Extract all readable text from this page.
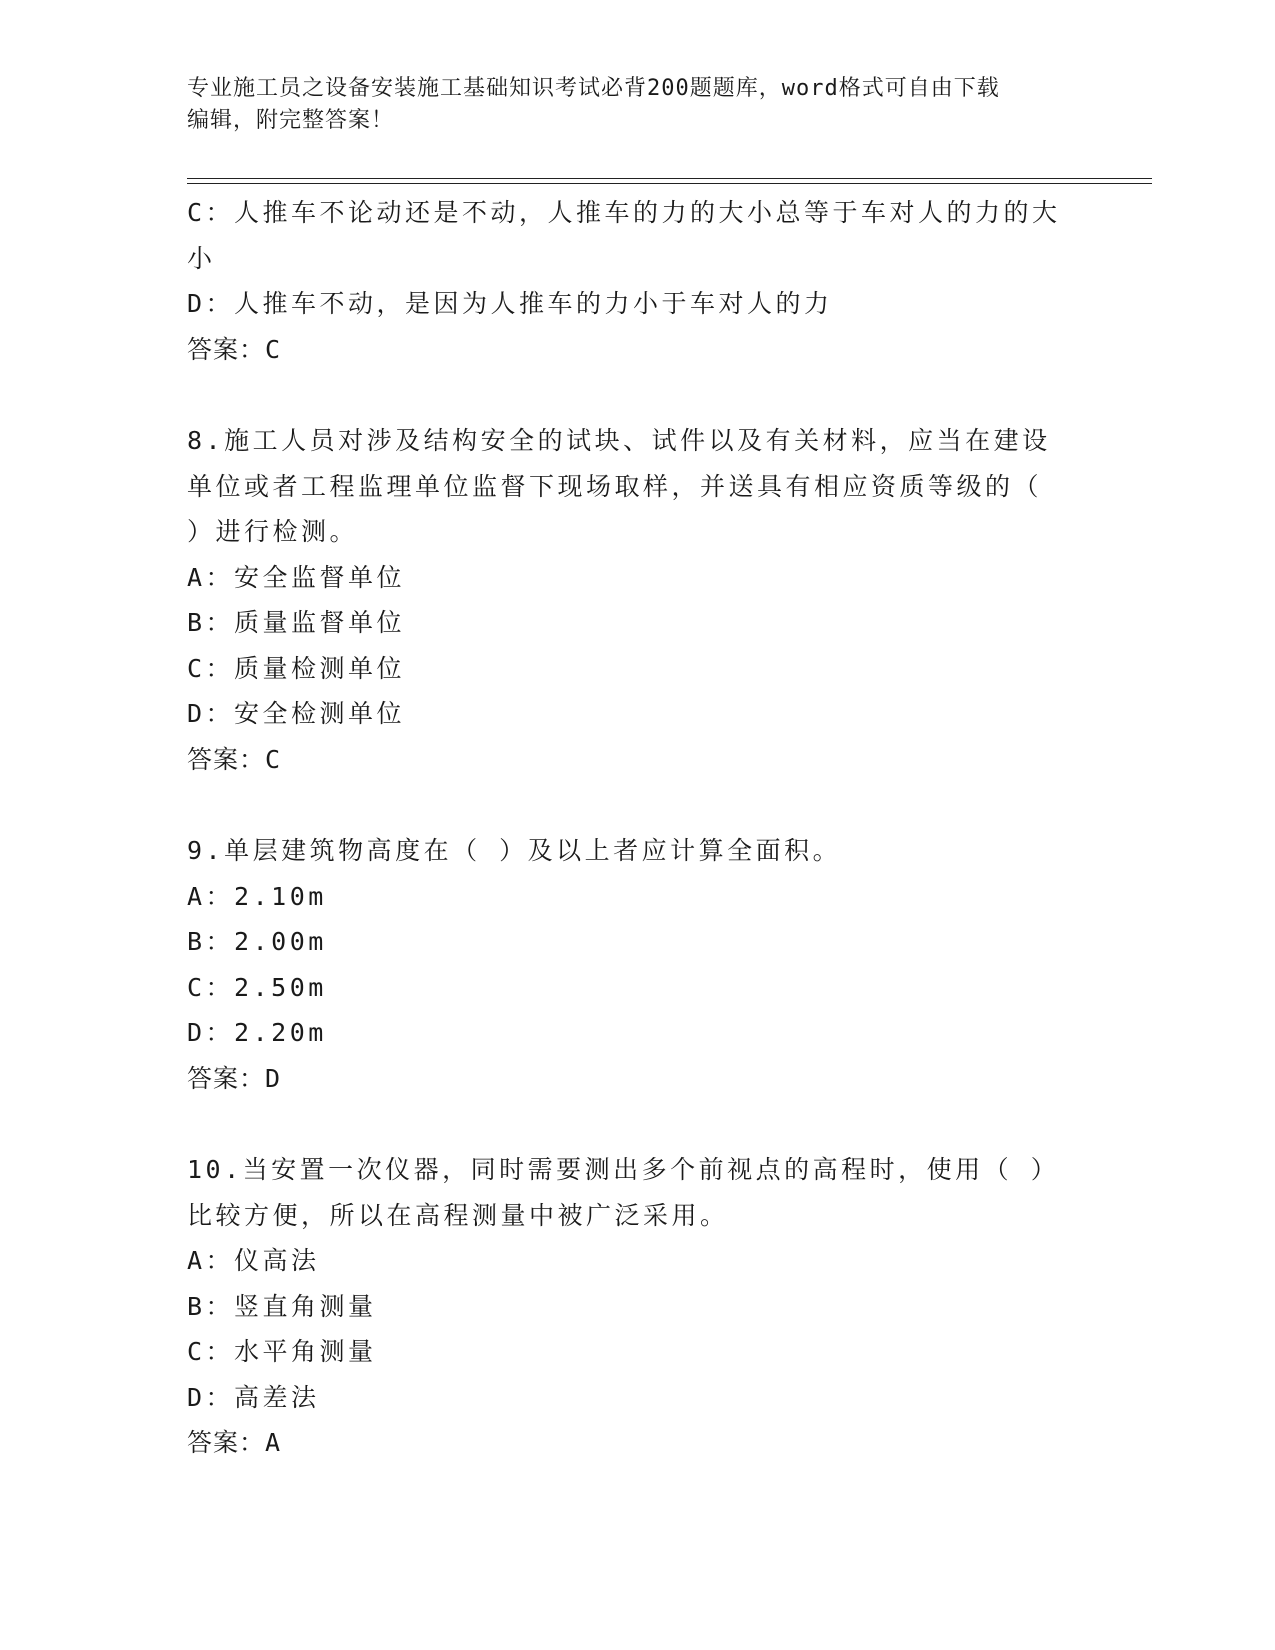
专业施工员之设备安装施工基础知识考试必背200题题库，word格式可自由下载
编辑，附完整答案！
C：人推车不论动还是不动，人推车的力的大小总等于车对人的力的大
小
D：人推车不动，是因为人推车的力小于车对人的力
答案：C
8.施工人员对涉及结构安全的试块、试件以及有关材料，应当在建设
单位或者工程监理单位监督下现场取样，并送具有相应资质等级的（
）进行检测。
A：安全监督单位
B：质量监督单位
C：质量检测单位
D：安全检测单位
答案：C
9.单层建筑物高度在（ ）及以上者应计算全面积。
A：2.10m
B：2.00m
C：2.50m
D：2.20m
答案：D
10.当安置一次仪器，同时需要测出多个前视点的高程时，使用（ ）
比较方便，所以在高程测量中被广泛采用。
A：仪高法
B：竖直角测量
C：水平角测量
D：高差法
答案：A
